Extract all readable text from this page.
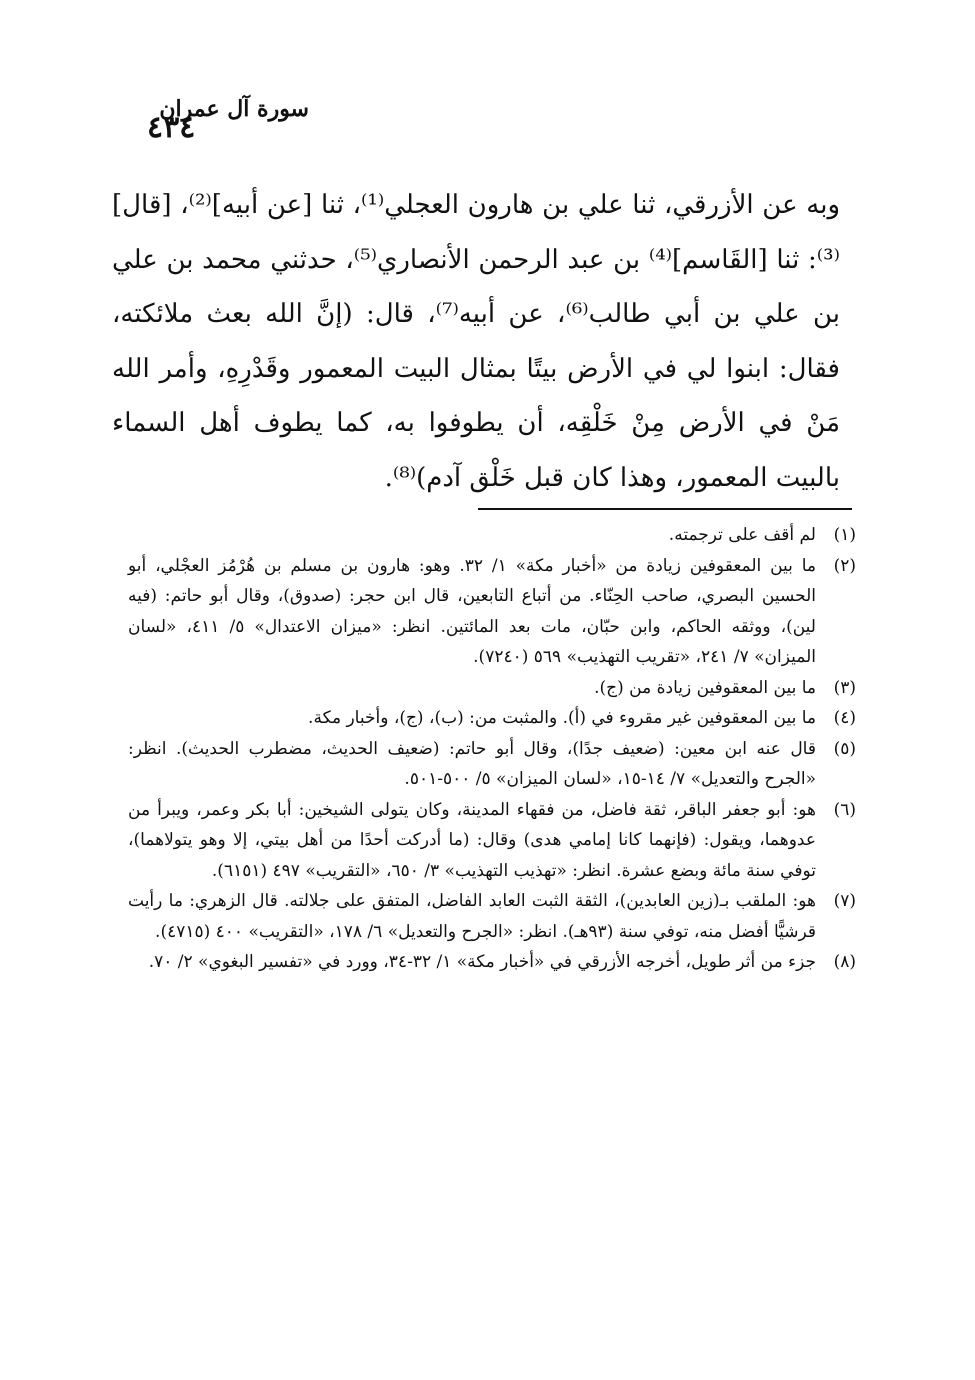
سورة آل عمران
٤٣٤

وبه عن الأزرقي، ثنا علي بن هارون العجلي⁽¹⁾، ثنا [عن أبيه]⁽²⁾، [قال]⁽³⁾: ثنا [القَاسم]⁽⁴⁾ بن عبد الرحمن الأنصاري⁽⁵⁾، حدثني محمد بن علي بن علي بن أبي طالب⁽⁶⁾، عن أبيه⁽⁷⁾، قال: (إنَّ الله بعث ملائكته، فقال: ابنوا لي في الأرض بيتًا بمثال البيت المعمور وقَدْرِهِ، وأمر الله مَنْ في الأرض مِنْ خَلْقِه، أن يطوفوا به، كما يطوف أهل السماء بالبيت المعمور، وهذا كان قبل خَلْق آدم)⁽⁸⁾.

(١)
لم أقف على ترجمته.
(٢)
ما بين المعقوفين زيادة من «أخبار مكة» ١/ ٣٢. وهو: هارون بن مسلم بن هُرْمُز العجْلي، أبو الحسين البصري، صاحب الحِنّاء. من أتباع التابعين، قال ابن حجر: (صدوق)، وقال أبو حاتم: (فيه لين)، ووثقه الحاكم، وابن حبّان، مات بعد المائتين. انظر: «ميزان الاعتدال» ٥/ ٤١١، «لسان الميزان» ٧/ ٢٤١، «تقريب التهذيب» ٥٦٩ (٧٢٤٠).
(٣)
ما بين المعقوفين زيادة من (ج).
(٤)
ما بين المعقوفين غير مقروء في (أ). والمثبت من: (ب)، (ج)، وأخبار مكة.
(٥)
قال عنه ابن معين: (ضعيف جدًا)، وقال أبو حاتم: (ضعيف الحديث، مضطرب الحديث). انظر: «الجرح والتعديل» ٧/ ١٤-١٥، «لسان الميزان» ٥/ ٥٠٠-٥٠١.
(٦)
هو: أبو جعفر الباقر، ثقة فاضل، من فقهاء المدينة، وكان يتولى الشيخين: أبا بكر وعمر، ويبرأ من عدوهما، ويقول: (فإنهما كانا إمامي هدى) وقال: (ما أدركت أحدًا من أهل بيتي، إلا وهو يتولاهما)، توفي سنة مائة وبضع عشرة. انظر: «تهذيب التهذيب» ٣/ ٦٥٠، «التقريب» ٤٩٧ (٦١٥١).
(٧)
هو: الملقب بـ(زين العابدين)، الثقة الثبت العابد الفاضل، المتفق على جلالته. قال الزهري: ما رأيت قرشيًّا أفضل منه، توفي سنة (٩٣هـ). انظر: «الجرح والتعديل» ٦/ ١٧٨، «التقريب» ٤٠٠ (٤٧١٥).
(٨)
جزء من أثر طويل، أخرجه الأزرقي في «أخبار مكة» ١/ ٣٢-٣٤، وورد في «تفسير البغوي» ٢/ ٧٠.
